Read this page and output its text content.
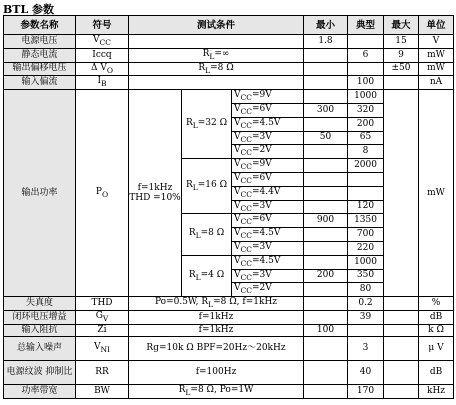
BTL 参数
参数名称	符号	测试条件			最小	典型	最大	单位
电源电压	$V_{CC}$				1.8		15	V
静态电流	Iccq	$R_L=\infty$				6	9	mW
输出偏移电压	Δ $V_O$	$R_L=8$ Ω					±50	mW
输入偏流	$I_B$					100		nA
输出功率	$P_O$	f=1kHz THD =10%	$R_L=32$ Ω	$V_{CC}=9V$		1000		mW
				$V_{CC}=6V$	300	320		
				$V_{CC}=4.5V$		200		
				$V_{CC}=3V$	50	65		
				$V_{CC}=2V$		8		
			$R_L=16$ Ω	$V_{CC}=9V$		2000		
				$V_{CC}=6V$				
				$V_{CC}=4.4V$				
				$V_{CC}=3V$		120		
			$R_L=8$ Ω	$V_{CC}=6V$	900	1350		
				$V_{CC}=4.5V$		700		
				$V_{CC}=3V$		220		
			$R_L=4$ Ω	$V_{CC}=4.5V$		1000		
				$V_{CC}=3V$	200	350		
				$V_{CC}=2V$		80		
失真度	THD	Po=0.5W, $R_L=8$ Ω, f=1kHz				0.2		%
闭环电压增益	$G_V$	f=1kHz				39		dB
输入阻抗	Zi	f=1kHz			100			k Ω
总输入噪声	$V_{NI}$	Rg=10k Ω BPF=20Hz～20kHz				3		μ V
电源纹波 抑制比	RR	f=100Hz				40		dB
功率带宽	BW	$R_L=8$ Ω, Po=1W				170		kHz
